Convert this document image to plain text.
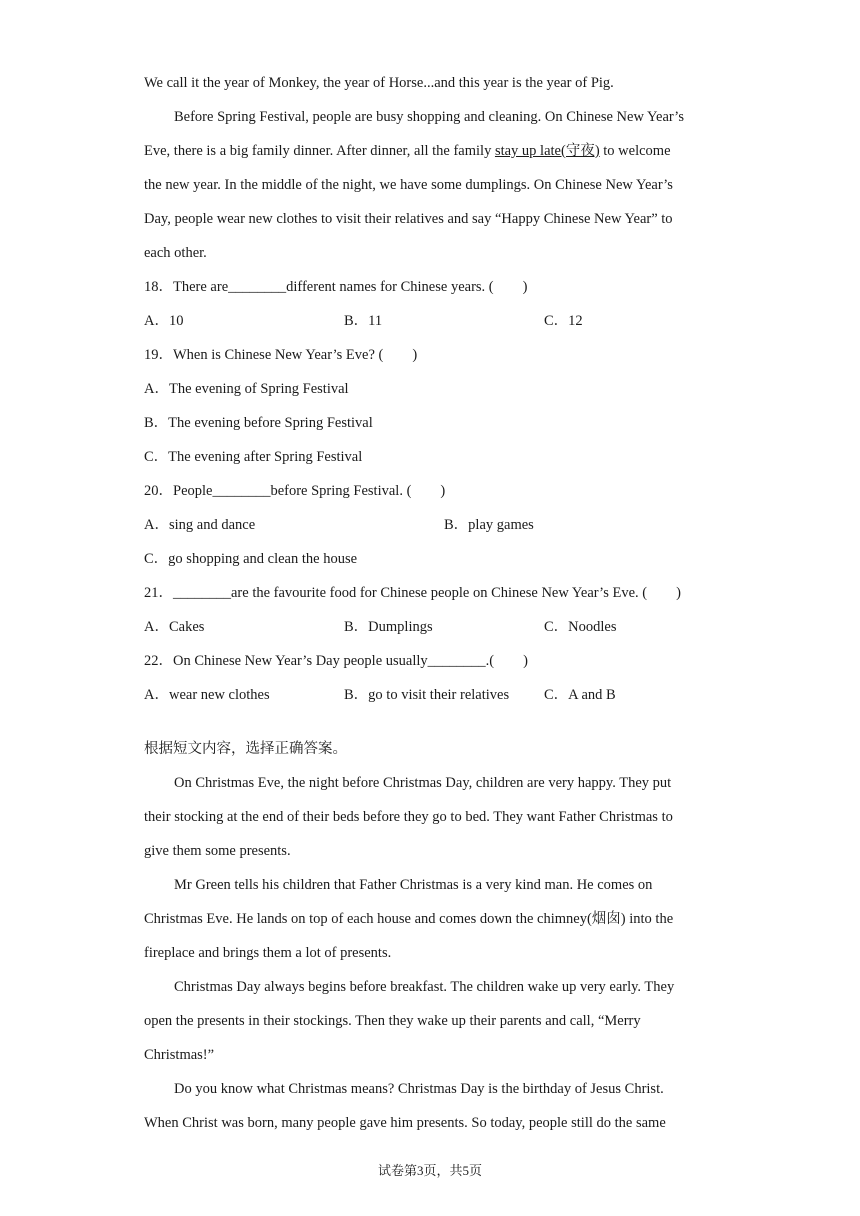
We call it the year of Monkey, the year of Horse...and this year is the year of Pig.
Before Spring Festival, people are busy shopping and cleaning. On Chinese New Year’s
Eve, there is a big family dinner. After dinner, all the family stay up late(守夜) to welcome
the new year. In the middle of the night, we have some dumplings. On Chinese New Year’s
Day, people wear new clothes to visit their relatives and say “Happy Chinese New Year” to
each other.
18．There are________different names for Chinese years. (　　)
A．10	B．11	C．12
19．When is Chinese New Year’s Eve? (　　)
A．The evening of Spring Festival
B．The evening before Spring Festival
C．The evening after Spring Festival
20．People________before Spring Festival. (　　)
A．sing and dance	B．play games
C．go shopping and clean the house
21．________are the favourite food for Chinese people on Chinese New Year’s Eve. (　　)
A．Cakes	B．Dumplings	C．Noodles
22．On Chinese New Year’s Day people usually________.(　　)
A．wear new clothes	B．go to visit their relatives C．A and B
根据短文内容，选择正确答案。
On Christmas Eve, the night before Christmas Day, children are very happy. They put
their stocking at the end of their beds before they go to bed. They want Father Christmas to
give them some presents.
Mr Green tells his children that Father Christmas is a very kind man. He comes on
Christmas Eve. He lands on top of each house and comes down the chimney(烟囱) into the
fireplace and brings them a lot of presents.
Christmas Day always begins before breakfast. The children wake up very early. They
open the presents in their stockings. Then they wake up their parents and call, “Merry
Christmas!”
Do you know what Christmas means? Christmas Day is the birthday of Jesus Christ.
When Christ was born, many people gave him presents. So today, people still do the same
试卷第3页，共5页
